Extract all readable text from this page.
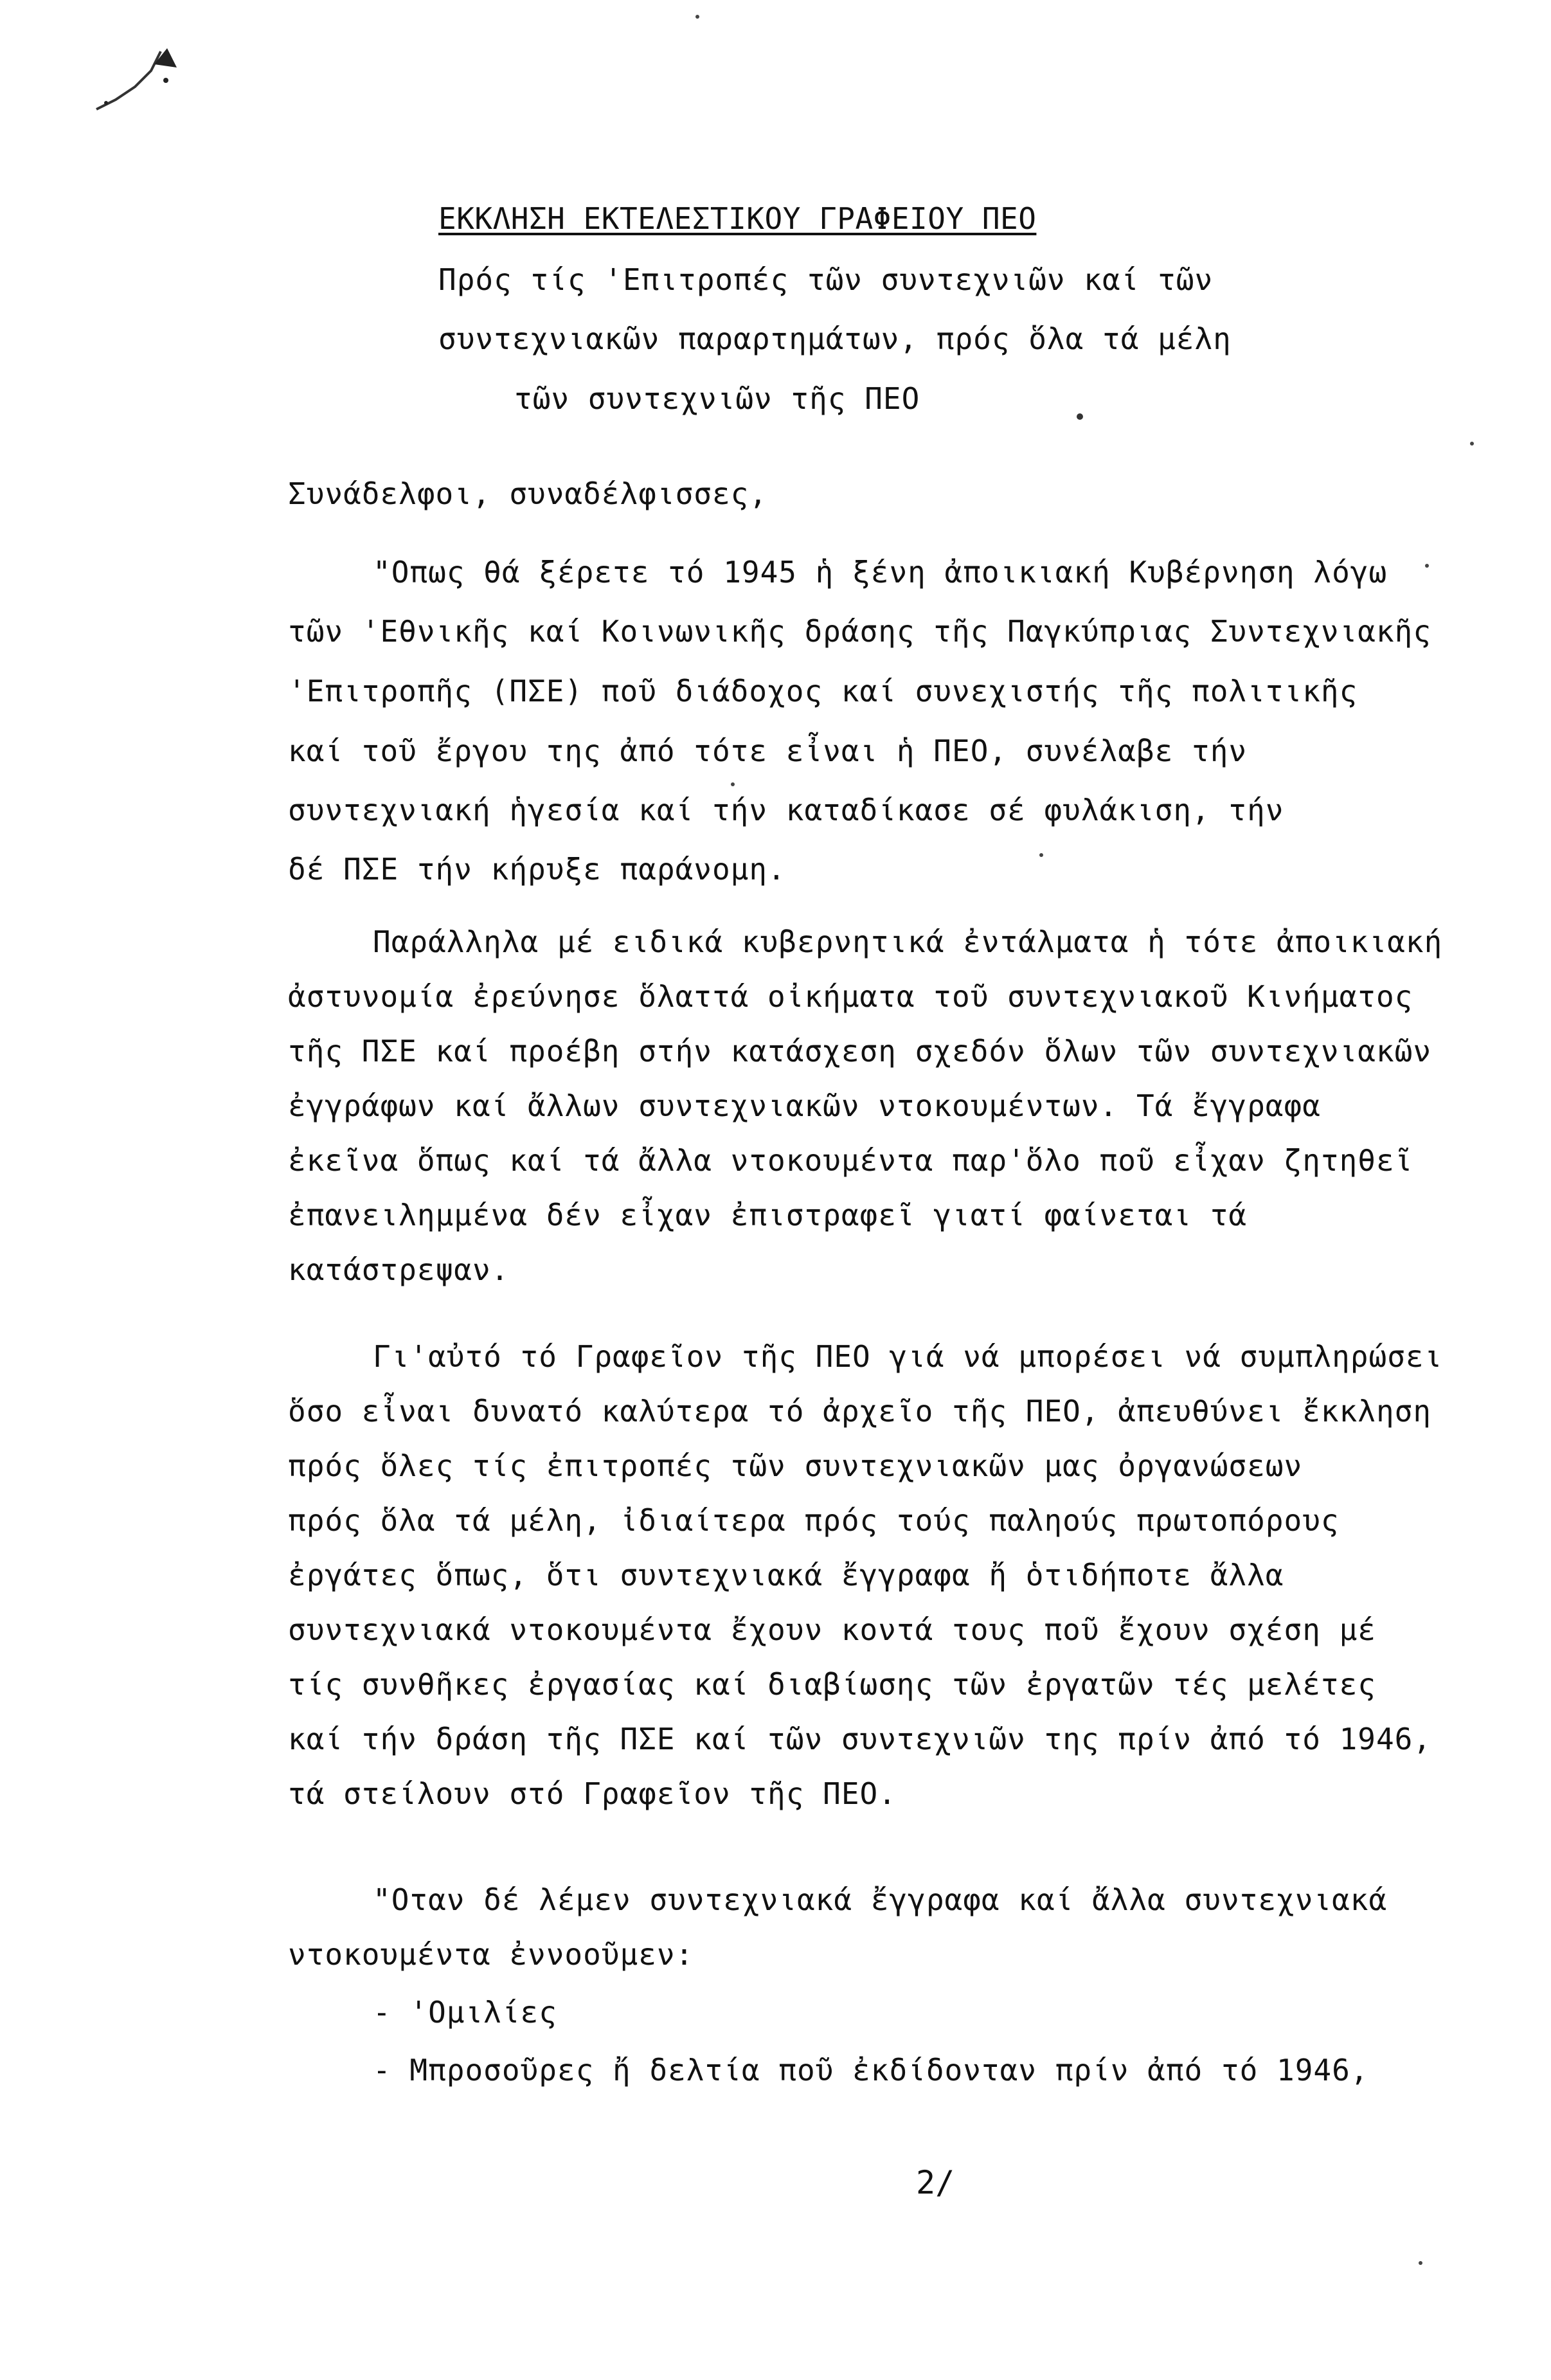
ΕΚΚΛΗΣΗ ΕΚΤΕΛΕΣΤΙΚΟΥ ΓΡΑΦΕΙΟΥ ΠΕΟ
Πρός τίς 'Επιτροπές τῶν συντεχνιῶν καί τῶν
συντεχνιακῶν παραρτημάτων, πρός ὅλα τά μέλη
τῶν συντεχνιῶν τῆς ΠΕΟ
Συνάδελφοι, συναδέλφισσες,
"Οπως θά ξέρετε τό 1945 ἡ ξένη ἀποικιακή Κυβέρνηση λόγω
τῶν 'Εθνικῆς καί Κοινωνικῆς δράσης τῆς Παγκύπριας Συντεχνιακῆς
'Επιτροπῆς (ΠΣΕ) ποῦ διάδοχος καί συνεχιστής τῆς πολιτικῆς
καί τοῦ ἔργου της ἀπό τότε εἶναι ἡ ΠΕΟ, συνέλαβε τήν
συντεχνιακή ἡγεσία καί τήν καταδίκασε σέ φυλάκιση, τήν
δέ ΠΣΕ τήν κήρυξε παράνομη.
Παράλληλα μέ ειδικά κυβερνητικά ἐντάλματα ἡ τότε ἀποικιακή
ἀστυνομία ἐρεύνησε ὅλαττά οἰκήματα τοῦ συντεχνιακοῦ Κινήματος
τῆς ΠΣΕ καί προέβη στήν κατάσχεση σχεδόν ὅλων τῶν συντεχνιακῶν
ἐγγράφων καί ἄλλων συντεχνιακῶν ντοκουμέντων. Τά ἔγγραφα
ἐκεῖνα ὅπως καί τά ἄλλα ντοκουμέντα παρ'ὅλο ποῦ εἶχαν ζητηθεῖ
ἐπανειλημμένα δέν εἶχαν ἐπιστραφεῖ γιατί φαίνεται τά
κατάστρεψαν.
Γι'αὐτό τό Γραφεῖον τῆς ΠΕΟ γιά νά μπορέσει νά συμπληρώσει
ὅσο εἶναι δυνατό καλύτερα τό ἀρχεῖο τῆς ΠΕΟ, ἀπευθύνει ἔκκληση
πρός ὅλες τίς ἐπιτροπές τῶν συντεχνιακῶν μας ὀργανώσεων
πρός ὅλα τά μέλη, ἰδιαίτερα πρός τούς παληούς πρωτοπόρους
ἐργάτες ὅπως, ὅτι συντεχνιακά ἔγγραφα ἤ ὁτιδήποτε ἄλλα
συντεχνιακά ντοκουμέντα ἔχουν κοντά τους ποῦ ἔχουν σχέση μέ
τίς συνθῆκες ἐργασίας καί διαβίωσης τῶν ἐργατῶν τές μελέτες
καί τήν δράση τῆς ΠΣΕ καί τῶν συντεχνιῶν της πρίν ἀπό τό 1946,
τά στείλουν στό Γραφεῖον τῆς ΠΕΟ.
"Οταν δέ λέμεν συντεχνιακά ἔγγραφα καί ἄλλα συντεχνιακά
ντοκουμέντα ἐννοοῦμεν:
- 'Ομιλίες
- Μπροσοῦρες ἤ δελτία ποῦ ἐκδίδονταν πρίν ἀπό τό 1946,
2/
